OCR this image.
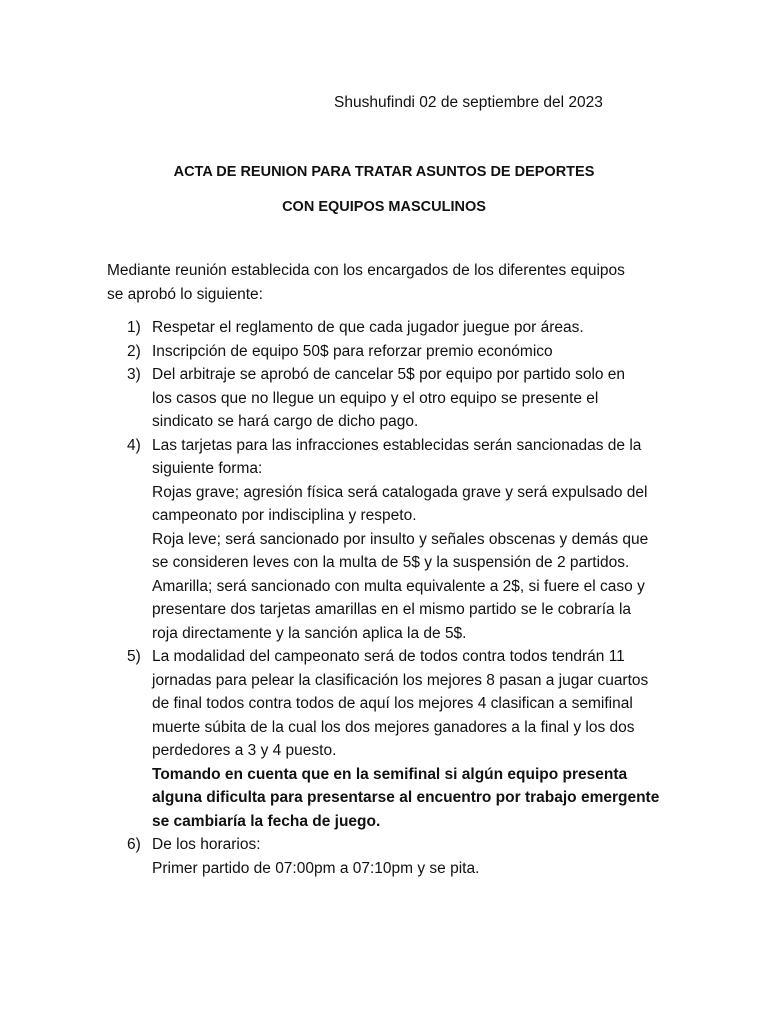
Shushufindi 02 de septiembre del 2023
ACTA DE REUNION PARA TRATAR ASUNTOS DE DEPORTES
CON EQUIPOS MASCULINOS

Mediante reunión establecida con los encargados de los diferentes equipos

se aprobó lo siguiente:

1) Respetar el reglamento de que cada jugador juegue por áreas.
2) Inscripción de equipo 50$ para reforzar premio económico
3) Del arbitraje se aprobó de cancelar 5$ por equipo por partido solo en
los casos que no llegue un equipo y el otro equipo se presente el
sindicato se hará cargo de dicho pago.
4) Las tarjetas para las infracciones establecidas serán sancionadas de la
siguiente forma:
Rojas grave; agresión física será catalogada grave y será expulsado del
campeonato por indisciplina y respeto.
Roja leve; será sancionado por insulto y señales obscenas y demás que
se consideren leves con la multa de 5$ y la suspensión de 2 partidos.
Amarilla; será sancionado con multa equivalente a 2$, si fuere el caso y
presentare dos tarjetas amarillas en el mismo partido se le cobraría la
roja directamente y la sanción aplica la de 5$.
5) La modalidad del campeonato será de todos contra todos tendrán 11
jornadas para pelear la clasificación los mejores 8 pasan a jugar cuartos
de final todos contra todos de aquí los mejores 4 clasifican a semifinal
muerte súbita de la cual los dos mejores ganadores a la final y los dos
perdedores a 3 y 4 puesto.
Tomando en cuenta que en la semifinal si algún equipo presenta
alguna dificulta para presentarse al encuentro por trabajo emergente
se cambiaría la fecha de juego.
6) De los horarios:
Primer partido de 07:00pm a 07:10pm y se pita.
